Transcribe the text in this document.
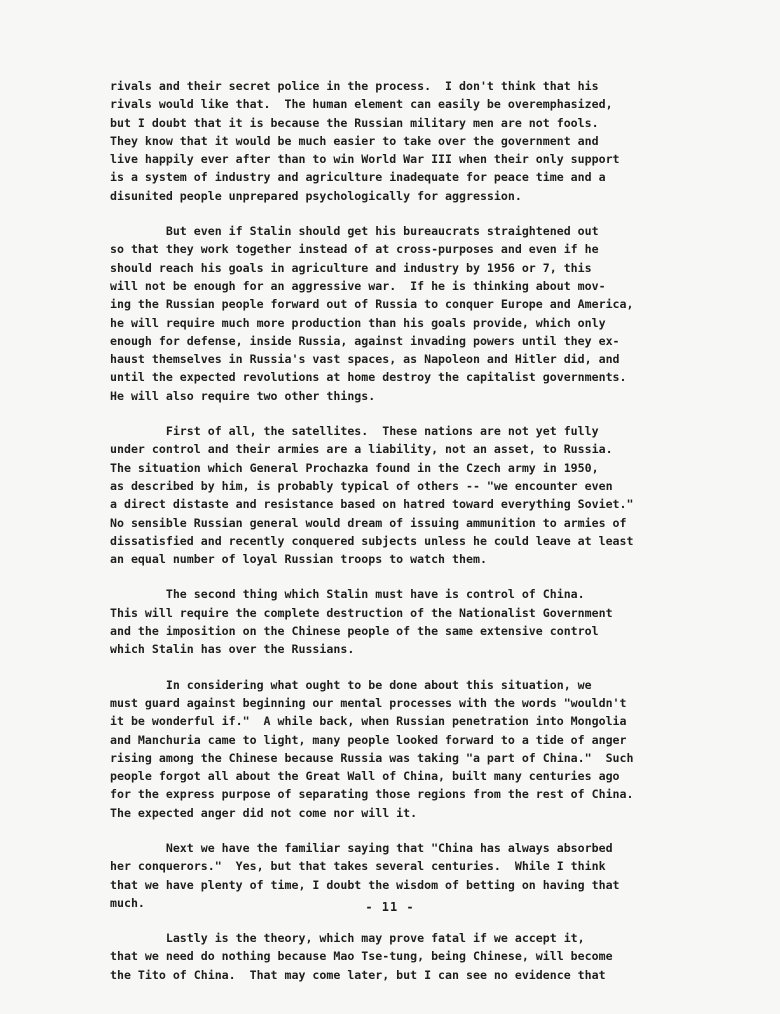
rivals and their secret police in the process.  I don't think that his
rivals would like that.  The human element can easily be overemphasized,
but I doubt that it is because the Russian military men are not fools.
They know that it would be much easier to take over the government and
live happily ever after than to win World War III when their only support
is a system of industry and agriculture inadequate for peace time and a
disunited people unprepared psychologically for aggression.
But even if Stalin should get his bureaucrats straightened out
so that they work together instead of at cross-purposes and even if he
should reach his goals in agriculture and industry by 1956 or 7, this
will not be enough for an aggressive war.  If he is thinking about mov-
ing the Russian people forward out of Russia to conquer Europe and America,
he will require much more production than his goals provide, which only
enough for defense, inside Russia, against invading powers until they ex-
haust themselves in Russia's vast spaces, as Napoleon and Hitler did, and
until the expected revolutions at home destroy the capitalist governments.
He will also require two other things.
First of all, the satellites.  These nations are not yet fully
under control and their armies are a liability, not an asset, to Russia.
The situation which General Prochazka found in the Czech army in 1950,
as described by him, is probably typical of others -- "we encounter even
a direct distaste and resistance based on hatred toward everything Soviet."
No sensible Russian general would dream of issuing ammunition to armies of
dissatisfied and recently conquered subjects unless he could leave at least
an equal number of loyal Russian troops to watch them.
The second thing which Stalin must have is control of China.
This will require the complete destruction of the Nationalist Government
and the imposition on the Chinese people of the same extensive control
which Stalin has over the Russians.
In considering what ought to be done about this situation, we
must guard against beginning our mental processes with the words "wouldn't
it be wonderful if."  A while back, when Russian penetration into Mongolia
and Manchuria came to light, many people looked forward to a tide of anger
rising among the Chinese because Russia was taking "a part of China."  Such
people forgot all about the Great Wall of China, built many centuries ago
for the express purpose of separating those regions from the rest of China.
The expected anger did not come nor will it.
Next we have the familiar saying that "China has always absorbed
her conquerors."  Yes, but that takes several centuries.  While I think
that we have plenty of time, I doubt the wisdom of betting on having that
much.
Lastly is the theory, which may prove fatal if we accept it,
that we need do nothing because Mao Tse-tung, being Chinese, will become
the Tito of China.  That may come later, but I can see no evidence that
- 11 -
